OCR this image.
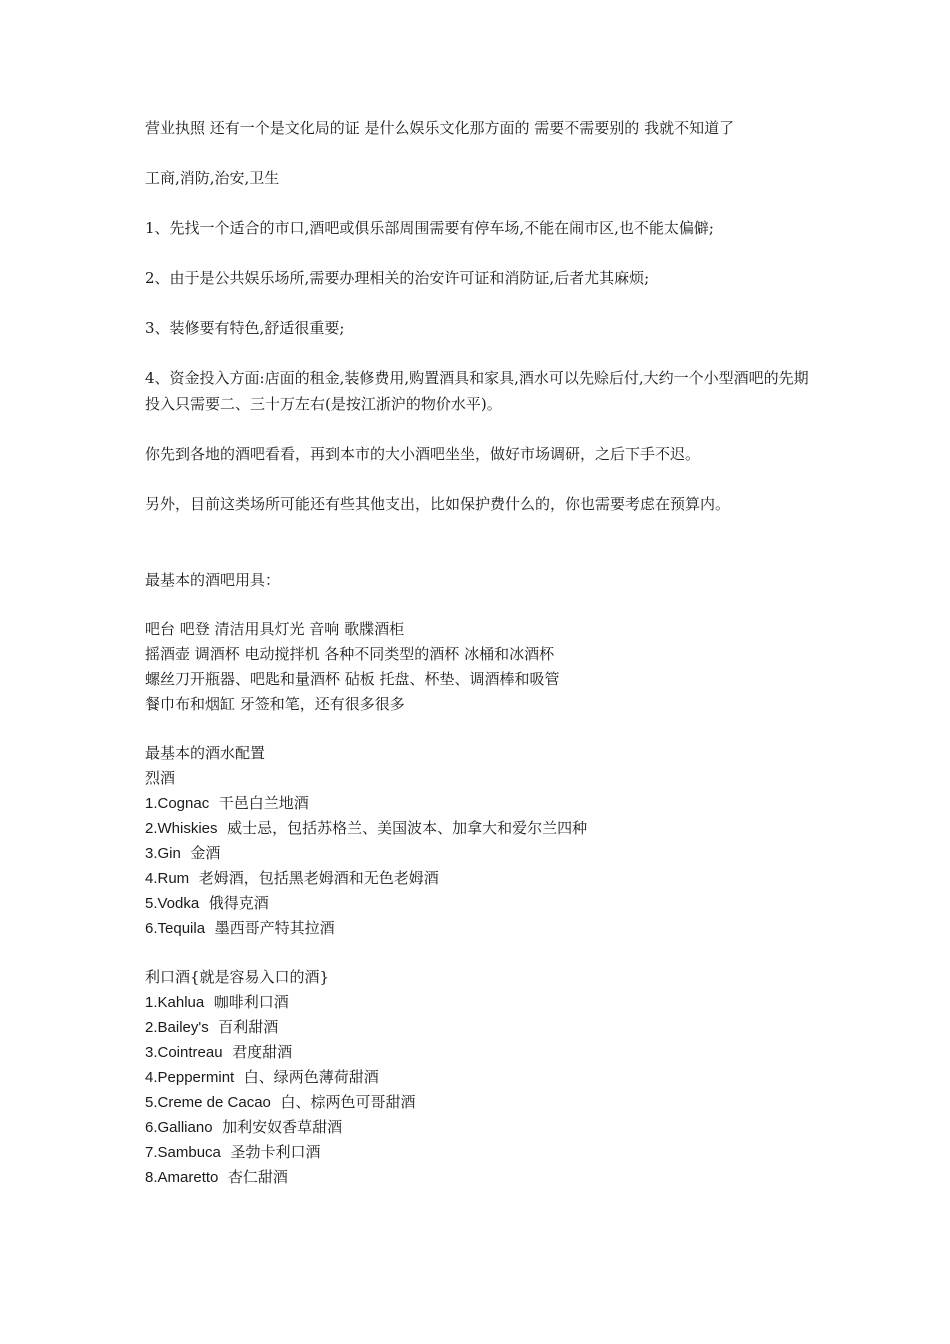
营业执照 还有一个是文化局的证 是什么娱乐文化那方面的 需要不需要别的 我就不知道了

工商,消防,治安,卫生

1、先找一个适合的市口,酒吧或俱乐部周围需要有停车场,不能在闹市区,也不能太偏僻;

2、由于是公共娱乐场所,需要办理相关的治安许可证和消防证,后者尤其麻烦;

3、装修要有特色,舒适很重要;

4、资金投入方面:店面的租金,装修费用,购置酒具和家具,酒水可以先赊后付,大约一个小型酒吧的先期投入只需要二、三十万左右(是按江浙沪的物价水平)。

你先到各地的酒吧看看，再到本市的大小酒吧坐坐，做好市场调研，之后下手不迟。

另外，目前这类场所可能还有些其他支出，比如保护费什么的，你也需要考虑在预算内。

最基本的酒吧用具：

吧台 吧登 清洁用具灯光 音响 歌牒酒柜
摇酒壶 调酒杯 电动搅拌机 各种不同类型的酒杯 冰桶和冰酒杯
螺丝刀开瓶器、吧匙和量酒杯 砧板 托盘、杯垫、调酒棒和吸管
餐巾布和烟缸 牙签和笔，还有很多很多
最基本的酒水配置
烈酒
1.Cognac 干邑白兰地酒
2.Whiskies 威士忌，包括苏格兰、美国波本、加拿大和爱尔兰四种
3.Gin 金酒
4.Rum 老姆酒，包括黑老姆酒和无色老姆酒
5.Vodka 俄得克酒
6.Tequila 墨西哥产特其拉酒
利口酒{就是容易入口的酒}
1.Kahlua 咖啡利口酒
2.Bailey's 百利甜酒
3.Cointreau 君度甜酒
4.Peppermint 白、绿两色薄荷甜酒
5.Creme de Cacao 白、棕两色可哥甜酒
6.Galliano 加利安奴香草甜酒
7.Sambuca 圣勃卡利口酒
8.Amaretto 杏仁甜酒
